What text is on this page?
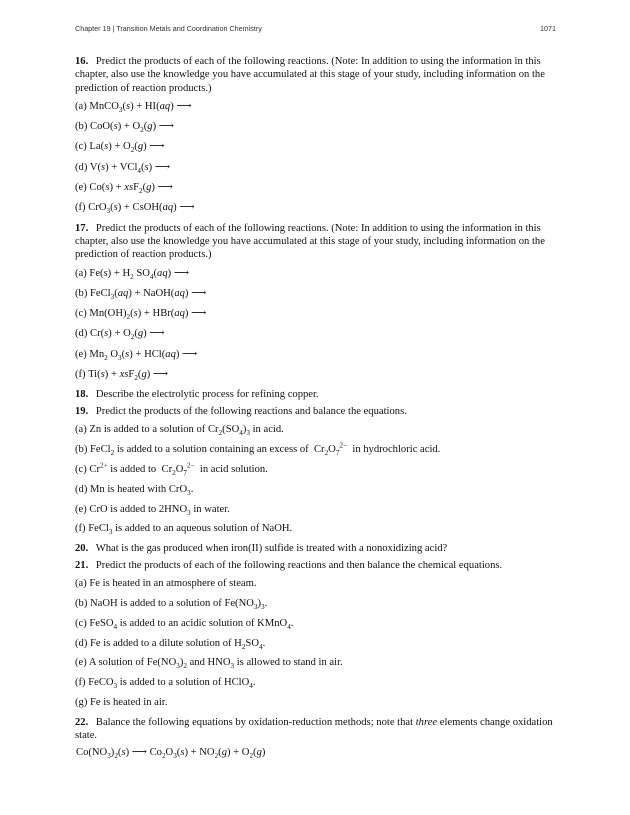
Chapter 19 | Transition Metals and Coordination Chemistry	1071

16. Predict the products of each of the following reactions. (Note: In addition to using the information in this chapter, also use the knowledge you have accumulated at this stage of your study, including information on the prediction of reaction products.)

(a) MnCO$_3$(s) + HI(aq) ⟶
(b) $CoO(s) + O_2(g)$ ⟶
(c) $La(s) + O_2(g)$ ⟶
(d) V(s) + VCl$_4$(s) ⟶
(e) Co(s) + xsF$_2$(g) ⟶
(f) CrO$_3$(s) + CsOH(aq) ⟶

17. Predict the products of each of the following reactions. (Note: In addition to using the information in this chapter, also use the knowledge you have accumulated at this stage of your study, including information on the prediction of reaction products.)

(a) $Fe(s) + H_2$ $SO_4(aq)$ ⟶
(b) FeCl$_3$(aq) + NaOH(aq) ⟶
(c) $Mn(OH)_2(s) + HBr(aq)$ ⟶
(d) $Cr(s) + O_2(g)$ ⟶
(e) $Mn_2$ $O_3(s) + HCl(aq)$ ⟶
(f) Ti(s) + xsF$_2$(g) ⟶

18. Describe the electrolytic process for refining copper.

19. Predict the products of the following reactions and balance the equations.

(a) Zn is added to a solution of $Cr_2(SO_4)_3$ in acid.
(b) FeCl$_2$ is added to a solution containing an excess of  $Cr_2O_7^{2-}$  in hydrochloric acid.
(c) $Cr^{2+}$ is added to  $Cr_2O_7^{2-}$  in acid solution.
(d) Mn is heated with CrO$_3$.
(e) CrO is added to $2HNO_3$ in water.
(f) FeCl$_3$ is added to an aqueous solution of NaOH.

20. What is the gas produced when iron(II) sulfide is treated with a nonoxidizing acid?

21. Predict the products of each of the following reactions and then balance the chemical equations.

(a) Fe is heated in an atmosphere of steam.
(b) NaOH is added to a solution of $Fe(NO_3)_3$.
(c) FeSO$_4$ is added to an acidic solution of KMnO$_4$.
(d) Fe is added to a dilute solution of $H_2SO_4$.
(e) A solution of $Fe(NO_3)_2$ and $HNO_3$ is allowed to stand in air.
(f) FeCO$_3$ is added to a solution of HClO$_4$.
(g) Fe is heated in air.

22. Balance the following equations by oxidation-reduction methods; note that three elements change oxidation state.

$Co(NO_3)_2(s)$ ⟶ $Co_2O_3(s) + NO_2(g) + O_2(g)$
